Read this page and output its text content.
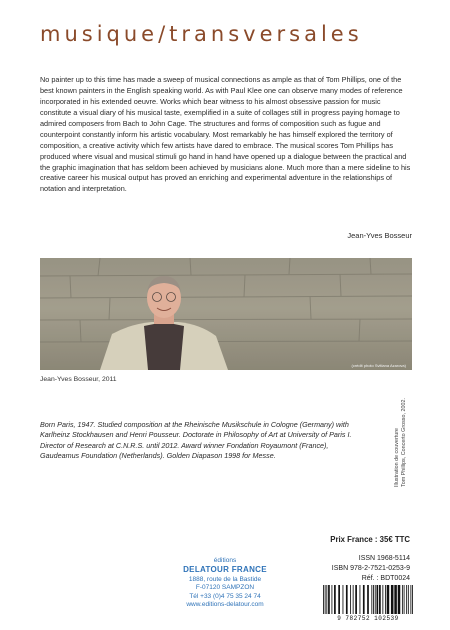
musique/transversales

No painter up to this time has made a sweep of musical connections as ample as that of Tom Phillips, one of the best known painters in the English speaking world. As with Paul Klee one can observe many modes of reference incorporated in his extended oeuvre. Works which bear witness to his almost obsessive passion for music constitute a visual diary of his musical taste, exemplified in a suite of collages still in progress paying homage to admired composers from Bach to John Cage. The structures and forms of composition such as fugue and counterpoint constantly inform his artistic vocabulary. Most remarkably he has himself explored the territory of composition, a creative activity which few artists have dared to embrace. The musical scores Tom Phillips has produced where visual and musical stimuli go hand in hand have opened up a dialogue between the practical and the graphic imagination that has seldom been achieved by musicians alone. Much more than a mere sideline to his creative career his musical output has proved an enriching and experimental adventure in the relationships of notation and interpretation.

Jean-Yves Bosseur
(crédit photo Svitlana Azarova)
Jean-Yves Bosseur, 2011

Born Paris, 1947. Studied composition at the Rheinische Musikschule in Cologne (Germany) with Karlheinz Stockhausen and Henri Pousseur. Doctorate in Philosophy of Art at University of Paris I. Director of Research at C.N.R.S. until 2012. Award winner Fondation Royaumont (France), Gaudeamus Foundation (Netherlands). Golden Diapason 1998 for Messe.	Illustration de couverture Tom Phillips, Concerto Grosso, 2002.
Prix France : 35€ TTC
éditions
DELATOUR FRANCE
1888, route de la Bastide
F-07120 SAMPZON
Tél +33 (0)4 75 35 24 74
www.editions-delatour.com
ISSN 1968-5114
ISBN 978-2-7521-0253-9
Réf. : BDT0024
9 782752 102539
